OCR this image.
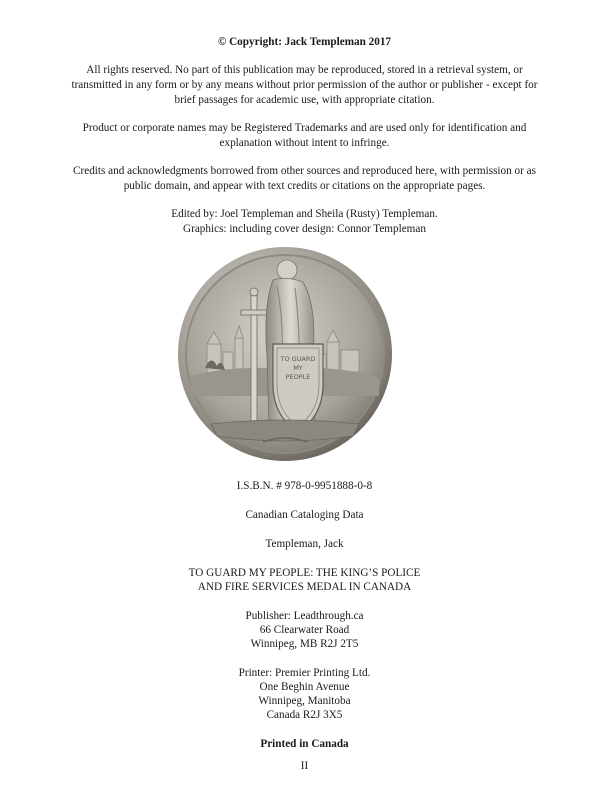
© Copyright: Jack Templeman 2017
All rights reserved. No part of this publication may be reproduced, stored in a retrieval system, or
transmitted in any form or by any means without prior permission of the author or publisher - except for
brief passages for academic use, with appropriate citation.
Product or corporate names may be Registered Trademarks and are used only for identification and
explanation without intent to infringe.
Credits and acknowledgments borrowed from other sources and reproduced here, with permission or as
public domain, and appear with text credits or citations on the appropriate pages.
Edited by: Joel Templeman and Sheila (Rusty) Templeman.
Graphics: including cover design: Connor Templeman
TO GUARD
MY
PEOPLE
I.S.B.N. # 978-0-9951888-0-8
Canadian Cataloging Data
Templeman, Jack
TO GUARD MY PEOPLE: THE KING’S POLICE
AND FIRE SERVICES MEDAL IN CANADA
Publisher: Leadthrough.ca
66 Clearwater Road
Winnipeg, MB R2J 2T5
Printer: Premier Printing Ltd.
One Beghin Avenue
Winnipeg, Manitoba
Canada R2J 3X5
Printed in Canada
II
